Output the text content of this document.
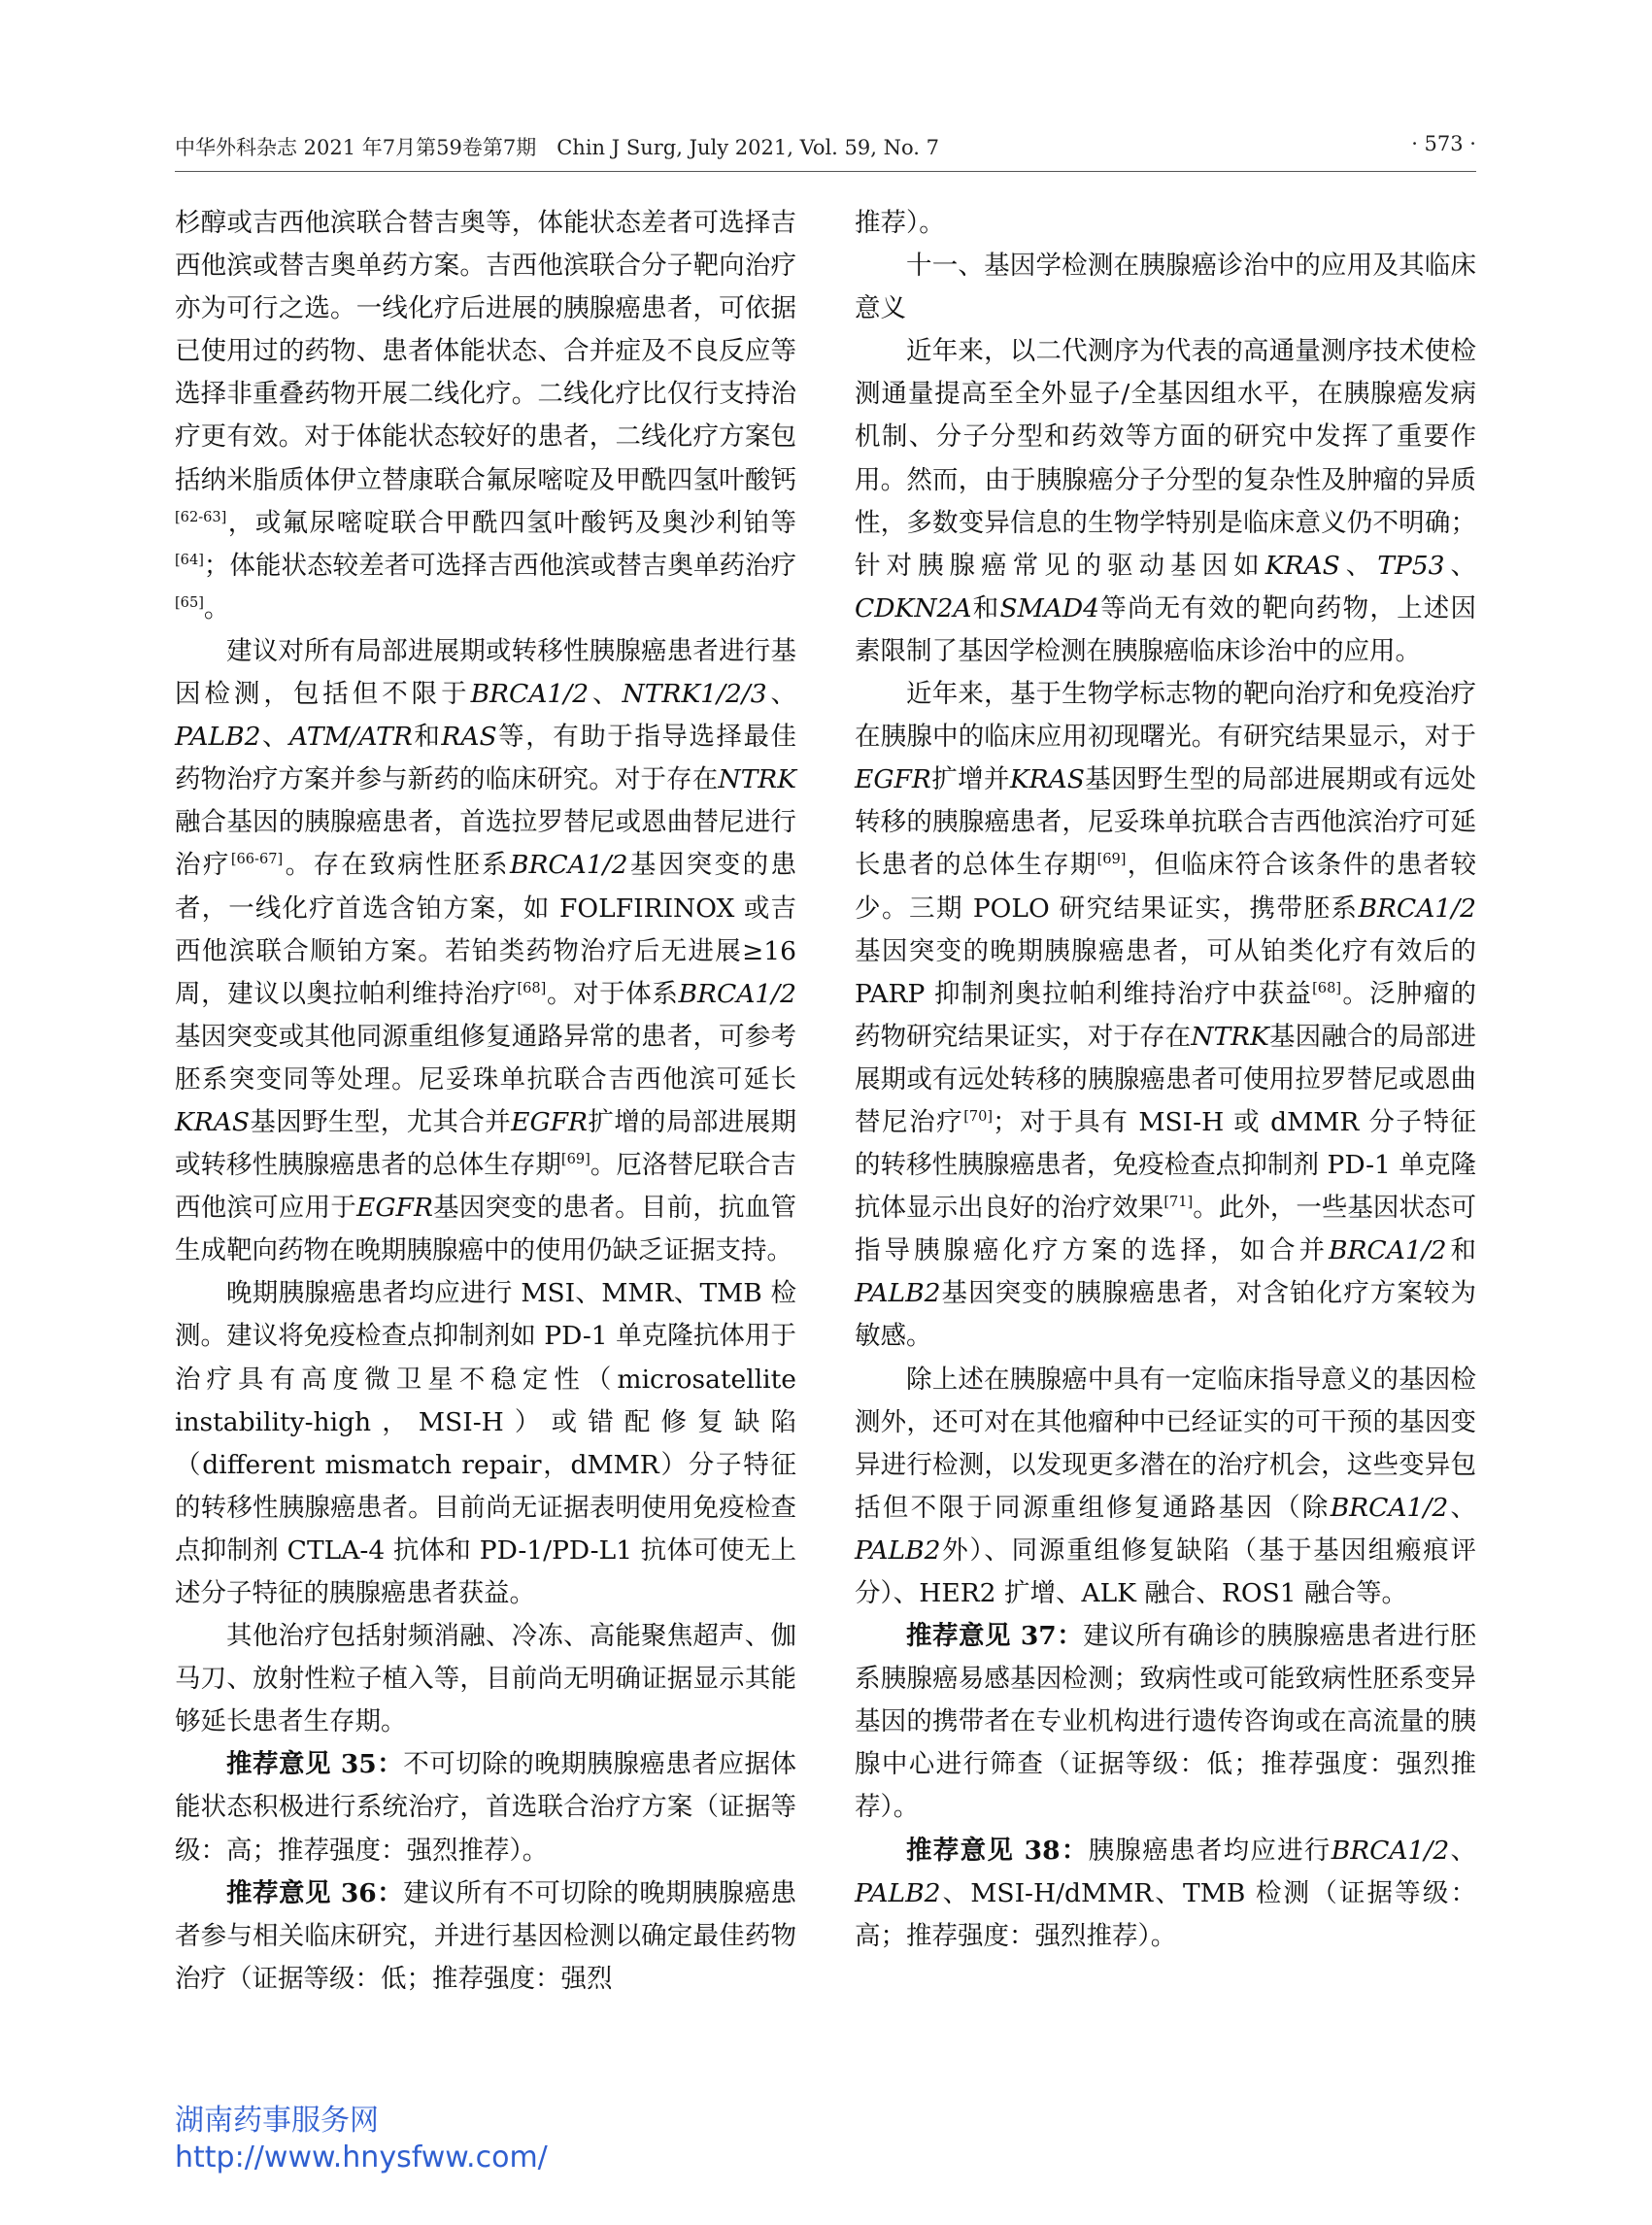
中华外科杂志 2021 年7月第59卷第7期　Chin J Surg, July 2021, Vol. 59, No. 7	· 573 ·

杉醇或吉西他滨联合替吉奥等，体能状态差者可选择吉西他滨或替吉奥单药方案。吉西他滨联合分子靶向治疗亦为可行之选。一线化疗后进展的胰腺癌患者，可依据已使用过的药物、患者体能状态、合并症及不良反应等选择非重叠药物开展二线化疗。二线化疗比仅行支持治疗更有效。对于体能状态较好的患者，二线化疗方案包括纳米脂质体伊立替康联合氟尿嘧啶及甲酰四氢叶酸钙[62-63]，或氟尿嘧啶联合甲酰四氢叶酸钙及奥沙利铂等[64]；体能状态较差者可选择吉西他滨或替吉奥单药治疗[65]。

建议对所有局部进展期或转移性胰腺癌患者进行基因检测，包括但不限于BRCA1/2、NTRK1/2/3、PALB2、ATM/ATR和RAS等，有助于指导选择最佳药物治疗方案并参与新药的临床研究。对于存在NTRK融合基因的胰腺癌患者，首选拉罗替尼或恩曲替尼进行治疗[66-67]。存在致病性胚系BRCA1/2基因突变的患者，一线化疗首选含铂方案，如 FOLFIRINOX 或吉西他滨联合顺铂方案。若铂类药物治疗后无进展≥16周，建议以奥拉帕利维持治疗[68]。对于体系BRCA1/2基因突变或其他同源重组修复通路异常的患者，可参考胚系突变同等处理。尼妥珠单抗联合吉西他滨可延长KRAS基因野生型，尤其合并EGFR扩增的局部进展期或转移性胰腺癌患者的总体生存期[69]。厄洛替尼联合吉西他滨可应用于EGFR基因突变的患者。目前，抗血管生成靶向药物在晚期胰腺癌中的使用仍缺乏证据支持。

晚期胰腺癌患者均应进行 MSI、MMR、TMB 检测。建议将免疫检查点抑制剂如 PD-1 单克隆抗体用于治疗具有高度微卫星不稳定性（microsatellite instability-high，MSI-H）或错配修复缺陷（different mismatch repair，dMMR）分子特征的转移性胰腺癌患者。目前尚无证据表明使用免疫检查点抑制剂 CTLA-4 抗体和 PD-1/PD-L1 抗体可使无上述分子特征的胰腺癌患者获益。

其他治疗包括射频消融、冷冻、高能聚焦超声、伽马刀、放射性粒子植入等，目前尚无明确证据显示其能够延长患者生存期。

推荐意见 35：不可切除的晚期胰腺癌患者应据体能状态积极进行系统治疗，首选联合治疗方案（证据等级：高；推荐强度：强烈推荐）。

推荐意见 36：建议所有不可切除的晚期胰腺癌患者参与相关临床研究，并进行基因检测以确定最佳药物治疗（证据等级：低；推荐强度：强烈

推荐）。

十一、基因学检测在胰腺癌诊治中的应用及其临床意义

近年来，以二代测序为代表的高通量测序技术使检测通量提高至全外显子/全基因组水平，在胰腺癌发病机制、分子分型和药效等方面的研究中发挥了重要作用。然而，由于胰腺癌分子分型的复杂性及肿瘤的异质性，多数变异信息的生物学特别是临床意义仍不明确；针对胰腺癌常见的驱动基因如KRAS、TP53、CDKN2A和SMAD4等尚无有效的靶向药物，上述因素限制了基因学检测在胰腺癌临床诊治中的应用。

近年来，基于生物学标志物的靶向治疗和免疫治疗在胰腺中的临床应用初现曙光。有研究结果显示，对于EGFR扩增并KRAS基因野生型的局部进展期或有远处转移的胰腺癌患者，尼妥珠单抗联合吉西他滨治疗可延长患者的总体生存期[69]，但临床符合该条件的患者较少。三期 POLO 研究结果证实，携带胚系BRCA1/2基因突变的晚期胰腺癌患者，可从铂类化疗有效后的 PARP 抑制剂奥拉帕利维持治疗中获益[68]。泛肿瘤的药物研究结果证实，对于存在NTRK基因融合的局部进展期或有远处转移的胰腺癌患者可使用拉罗替尼或恩曲替尼治疗[70]；对于具有 MSI-H 或 dMMR 分子特征的转移性胰腺癌患者，免疫检查点抑制剂 PD-1 单克隆抗体显示出良好的治疗效果[71]。此外，一些基因状态可指导胰腺癌化疗方案的选择，如合并BRCA1/2和PALB2基因突变的胰腺癌患者，对含铂化疗方案较为敏感。

除上述在胰腺癌中具有一定临床指导意义的基因检测外，还可对在其他瘤种中已经证实的可干预的基因变异进行检测，以发现更多潜在的治疗机会，这些变异包括但不限于同源重组修复通路基因（除BRCA1/2、PALB2外）、同源重组修复缺陷（基于基因组瘢痕评分）、HER2 扩增、ALK 融合、ROS1 融合等。

推荐意见 37：建议所有确诊的胰腺癌患者进行胚系胰腺癌易感基因检测；致病性或可能致病性胚系变异基因的携带者在专业机构进行遗传咨询或在高流量的胰腺中心进行筛查（证据等级：低；推荐强度：强烈推荐）。

推荐意见 38：胰腺癌患者均应进行BRCA1/2、PALB2、MSI-H/dMMR、TMB 检测（证据等级：高；推荐强度：强烈推荐）。

湖南药事服务网
http://www.hnysfww.com/
